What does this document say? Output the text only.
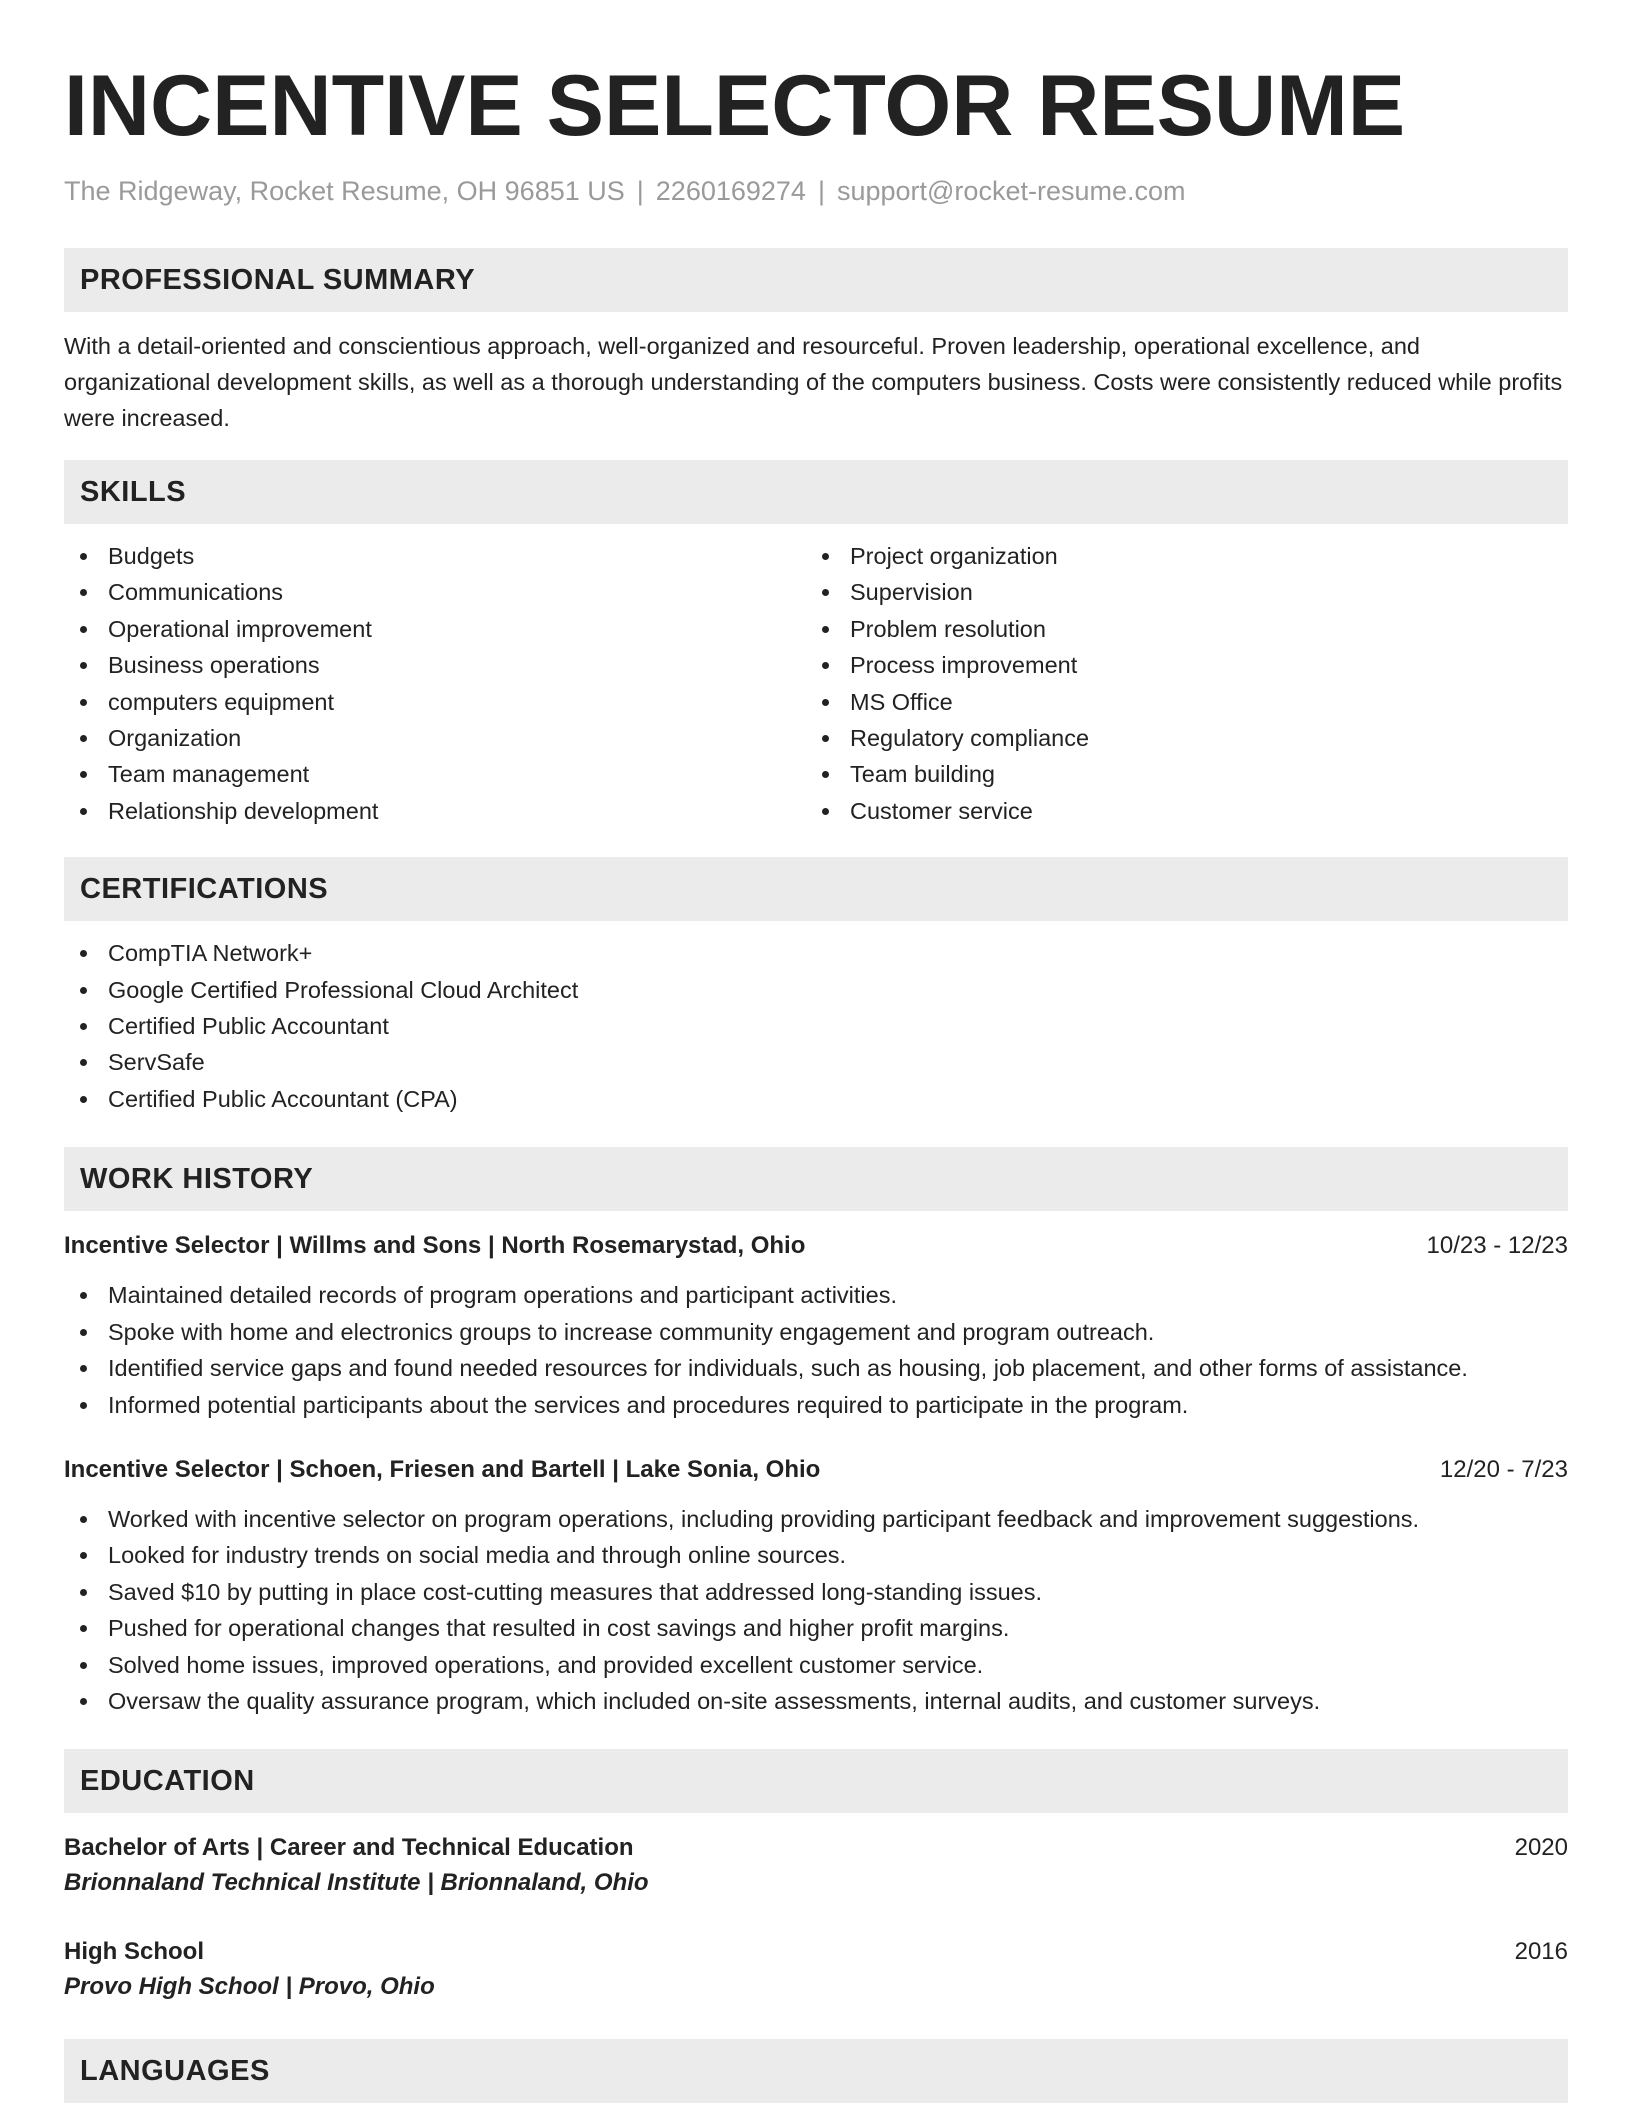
INCENTIVE SELECTOR RESUME
The Ridgeway, Rocket Resume, OH 96851 US | 2260169274 | support@rocket-resume.com
PROFESSIONAL SUMMARY
With a detail-oriented and conscientious approach, well-organized and resourceful. Proven leadership, operational excellence, and organizational development skills, as well as a thorough understanding of the computers business. Costs were consistently reduced while profits were increased.
SKILLS
Budgets
Communications
Operational improvement
Business operations
computers equipment
Organization
Team management
Relationship development
Project organization
Supervision
Problem resolution
Process improvement
MS Office
Regulatory compliance
Team building
Customer service
CERTIFICATIONS
CompTIA Network+
Google Certified Professional Cloud Architect
Certified Public Accountant
ServSafe
Certified Public Accountant (CPA)
WORK HISTORY
Incentive Selector | Willms and Sons | North Rosemarystad, Ohio	10/23 - 12/23
Maintained detailed records of program operations and participant activities.
Spoke with home and electronics groups to increase community engagement and program outreach.
Identified service gaps and found needed resources for individuals, such as housing, job placement, and other forms of assistance.
Informed potential participants about the services and procedures required to participate in the program.
Incentive Selector | Schoen, Friesen and Bartell | Lake Sonia, Ohio	12/20 - 7/23
Worked with incentive selector on program operations, including providing participant feedback and improvement suggestions.
Looked for industry trends on social media and through online sources.
Saved $10 by putting in place cost-cutting measures that addressed long-standing issues.
Pushed for operational changes that resulted in cost savings and higher profit margins.
Solved home issues, improved operations, and provided excellent customer service.
Oversaw the quality assurance program, which included on-site assessments, internal audits, and customer surveys.
EDUCATION
Bachelor of Arts | Career and Technical Education	2020
Brionnaland Technical Institute | Brionnaland, Ohio
High School	2016
Provo High School | Provo, Ohio
LANGUAGES
